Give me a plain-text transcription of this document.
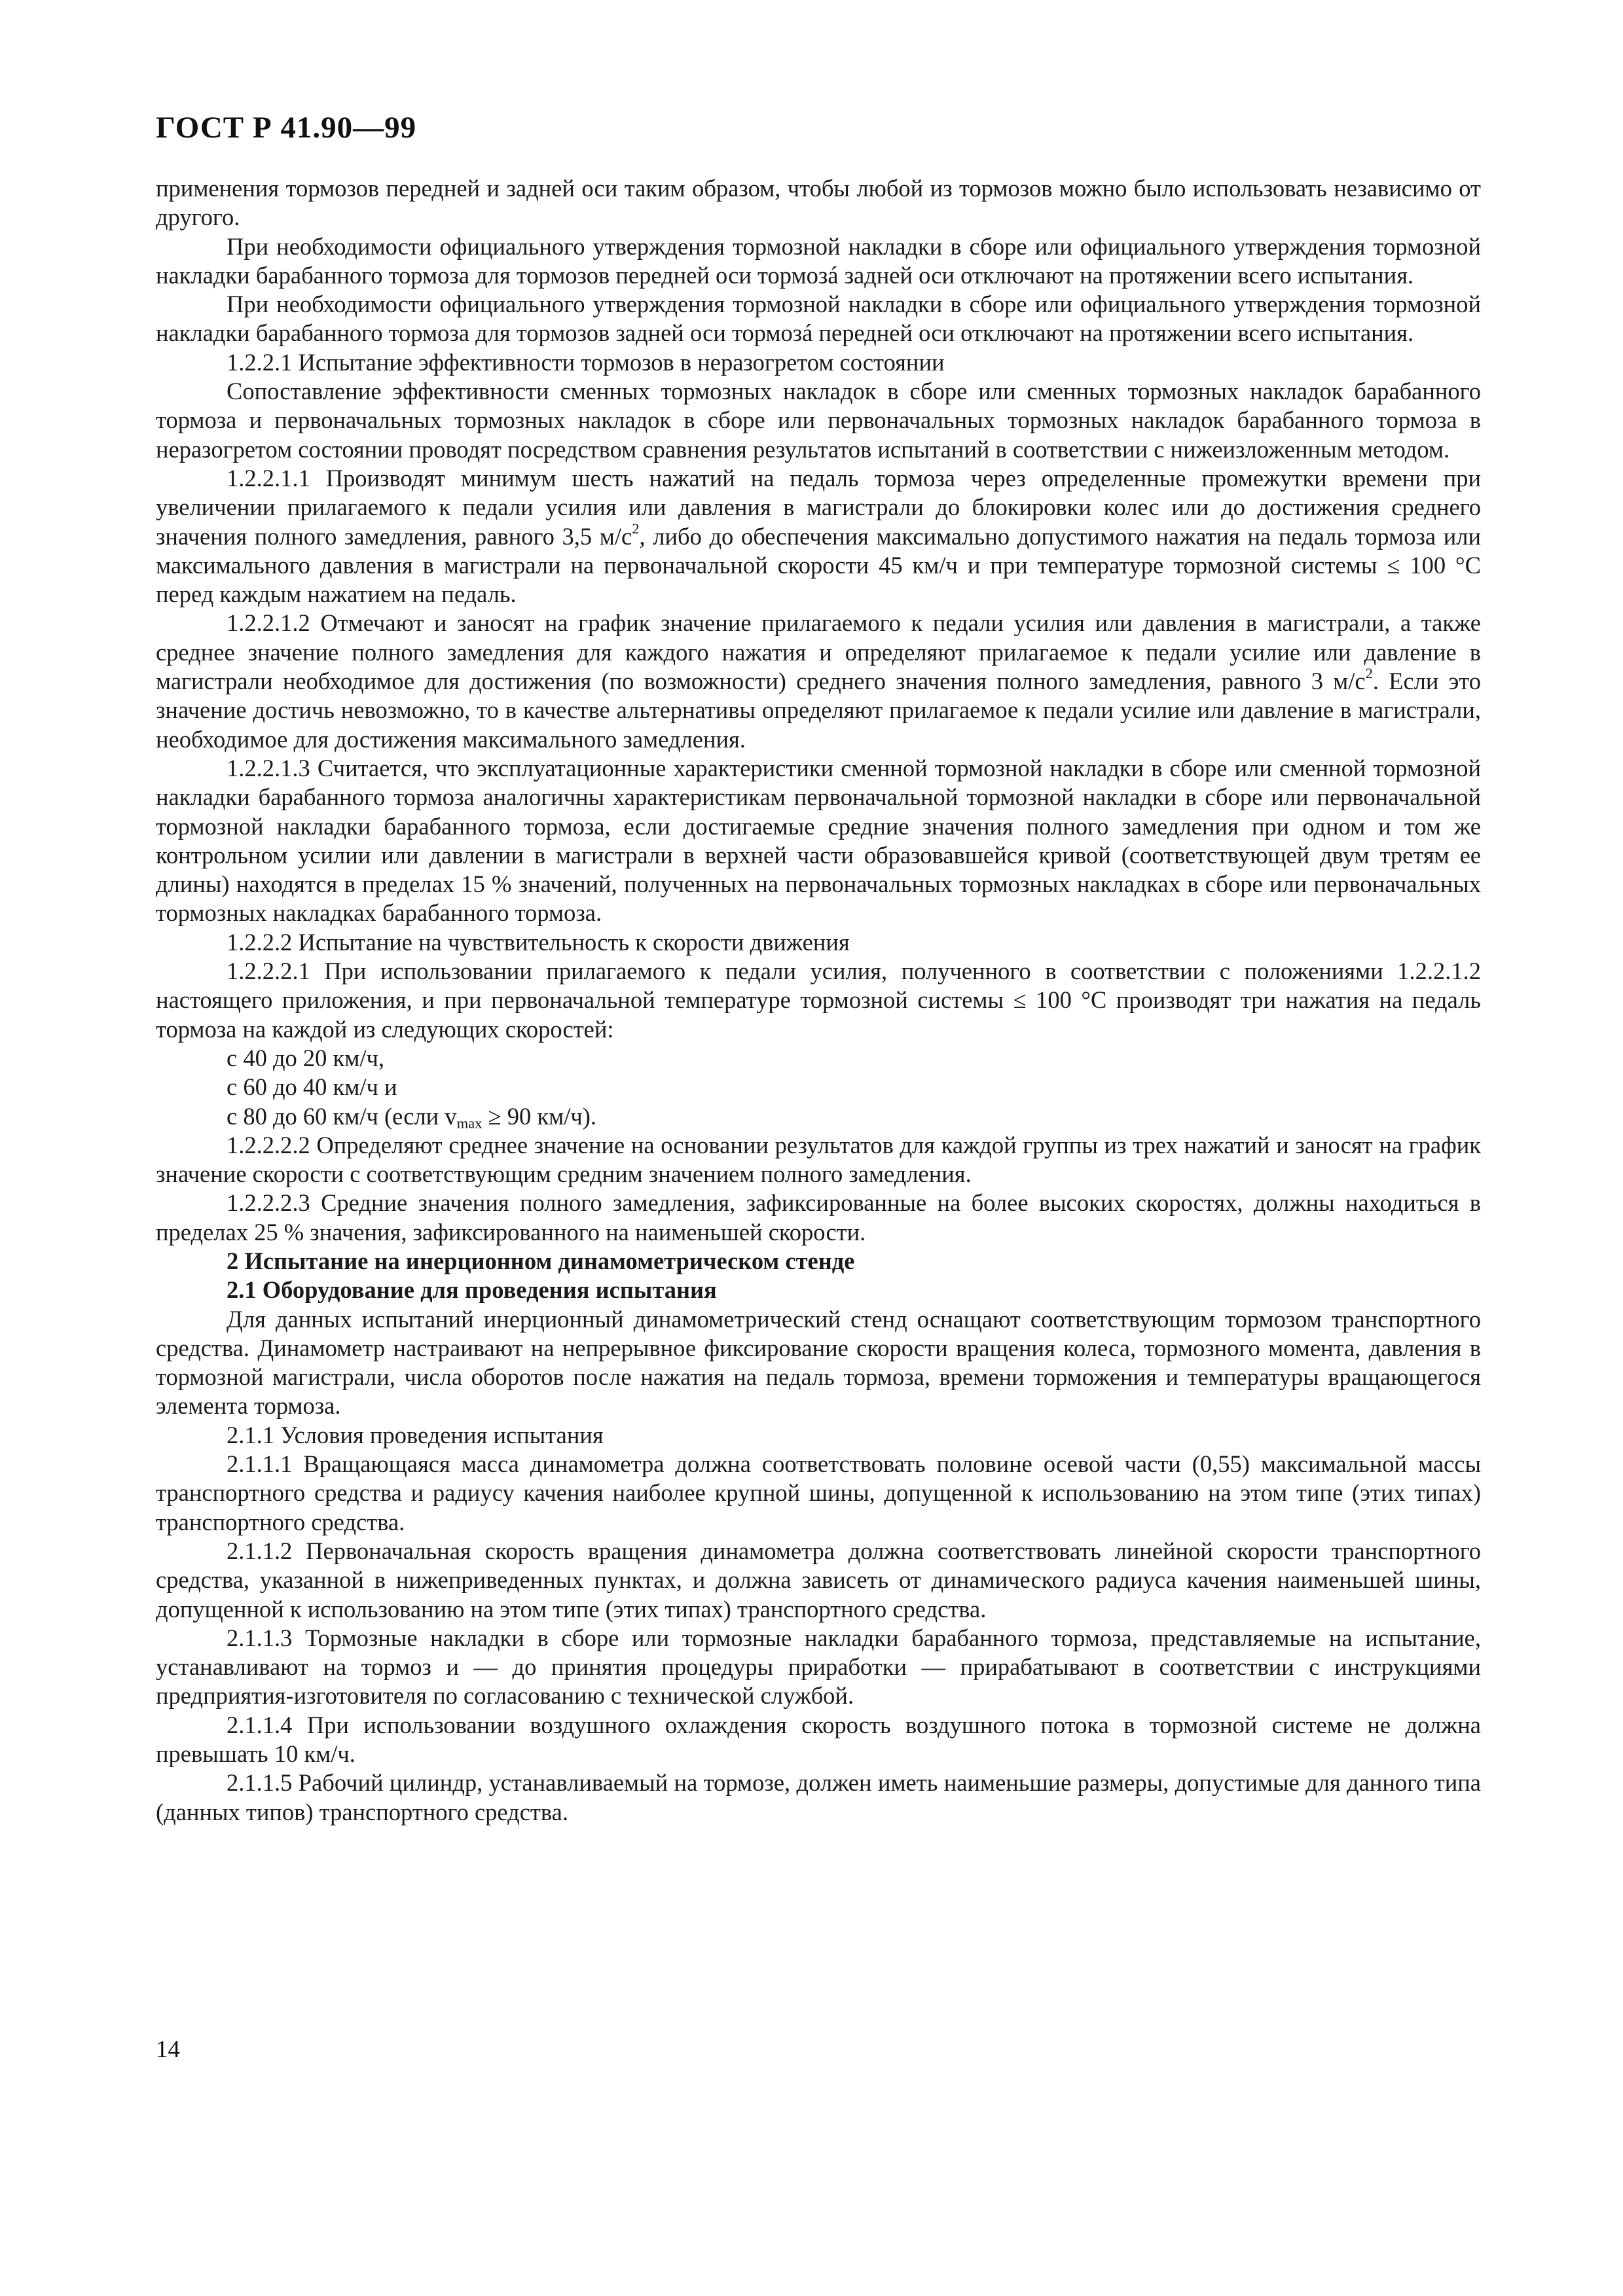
ГОСТ Р 41.90—99

применения тормозов передней и задней оси таким образом, чтобы любой из тормозов можно было использовать независимо от другого.

При необходимости официального утверждения тормозной накладки в сборе или официального утверждения тормозной накладки барабанного тормоза для тормозов передней оси тормозá задней оси отключают на протяжении всего испытания.

При необходимости официального утверждения тормозной накладки в сборе или официального утверждения тормозной накладки барабанного тормоза для тормозов задней оси тормозá передней оси отключают на протяжении всего испытания.

1.2.2.1 Испытание эффективности тормозов в неразогретом состоянии

Сопоставление эффективности сменных тормозных накладок в сборе или сменных тормозных накладок барабанного тормоза и первоначальных тормозных накладок в сборе или первоначальных тормозных накладок барабанного тормоза в неразогретом состоянии проводят посредством сравнения результатов испытаний в соответствии с нижеизложенным методом.

1.2.2.1.1 Производят минимум шесть нажатий на педаль тормоза через определенные промежутки времени при увеличении прилагаемого к педали усилия или давления в магистрали до блокировки колес или до достижения среднего значения полного замедления, равного 3,5 $м/с^2$, либо до обеспечения максимально допустимого нажатия на педаль тормоза или максимального давления в магистрали на первоначальной скорости 45 км/ч и при температуре тормозной системы ≤ 100 °С перед каждым нажатием на педаль.

1.2.2.1.2 Отмечают и заносят на график значение прилагаемого к педали усилия или давления в магистрали, а также среднее значение полного замедления для каждого нажатия и определяют прилагаемое к педали усилие или давление в магистрали необходимое для достижения (по возможности) среднего значения полного замедления, равного 3 $м/с^2$. Если это значение достичь невозможно, то в качестве альтернативы определяют прилагаемое к педали усилие или давление в магистрали, необходимое для достижения максимального замедления.

1.2.2.1.3 Считается, что эксплуатационные характеристики сменной тормозной накладки в сборе или сменной тормозной накладки барабанного тормоза аналогичны характеристикам первоначальной тормозной накладки в сборе или первоначальной тормозной накладки барабанного тормоза, если достигаемые средние значения полного замедления при одном и том же контрольном усилии или давлении в магистрали в верхней части образовавшейся кривой (соответствующей двум третям ее длины) находятся в пределах 15 % значений, полученных на первоначальных тормозных накладках в сборе или первоначальных тормозных накладках барабанного тормоза.

1.2.2.2 Испытание на чувствительность к скорости движения

1.2.2.2.1 При использовании прилагаемого к педали усилия, полученного в соответствии с положениями 1.2.2.1.2 настоящего приложения, и при первоначальной температуре тормозной системы ≤ 100 °С производят три нажатия на педаль тормоза на каждой из следующих скоростей:

с 40 до 20 км/ч,

с 60 до 40 км/ч и

с 80 до 60 км/ч (если $v_{max} \ge 90$ км/ч).

1.2.2.2.2 Определяют среднее значение на основании результатов для каждой группы из трех нажатий и заносят на график значение скорости с соответствующим средним значением полного замедления.

1.2.2.2.3 Средние значения полного замедления, зафиксированные на более высоких скоростях, должны находиться в пределах 25 % значения, зафиксированного на наименьшей скорости.

2 Испытание на инерционном динамометрическом стенде

2.1 Оборудование для проведения испытания

Для данных испытаний инерционный динамометрический стенд оснащают соответствующим тормозом транспортного средства. Динамометр настраивают на непрерывное фиксирование скорости вращения колеса, тормозного момента, давления в тормозной магистрали, числа оборотов после нажатия на педаль тормоза, времени торможения и температуры вращающегося элемента тормоза.

2.1.1 Условия проведения испытания

2.1.1.1 Вращающаяся масса динамометра должна соответствовать половине осевой части (0,55) максимальной массы транспортного средства и радиусу качения наиболее крупной шины, допущенной к использованию на этом типе (этих типах) транспортного средства.

2.1.1.2 Первоначальная скорость вращения динамометра должна соответствовать линейной скорости транспортного средства, указанной в нижеприведенных пунктах, и должна зависеть от динамического радиуса качения наименьшей шины, допущенной к использованию на этом типе (этих типах) транспортного средства.

2.1.1.3 Тормозные накладки в сборе или тормозные накладки барабанного тормоза, представляемые на испытание, устанавливают на тормоз и — до принятия процедуры приработки — прирабатывают в соответствии с инструкциями предприятия-изготовителя по согласованию с технической службой.

2.1.1.4 При использовании воздушного охлаждения скорость воздушного потока в тормозной системе не должна превышать 10 км/ч.

2.1.1.5 Рабочий цилиндр, устанавливаемый на тормозе, должен иметь наименьшие размеры, допустимые для данного типа (данных типов) транспортного средства.

14
